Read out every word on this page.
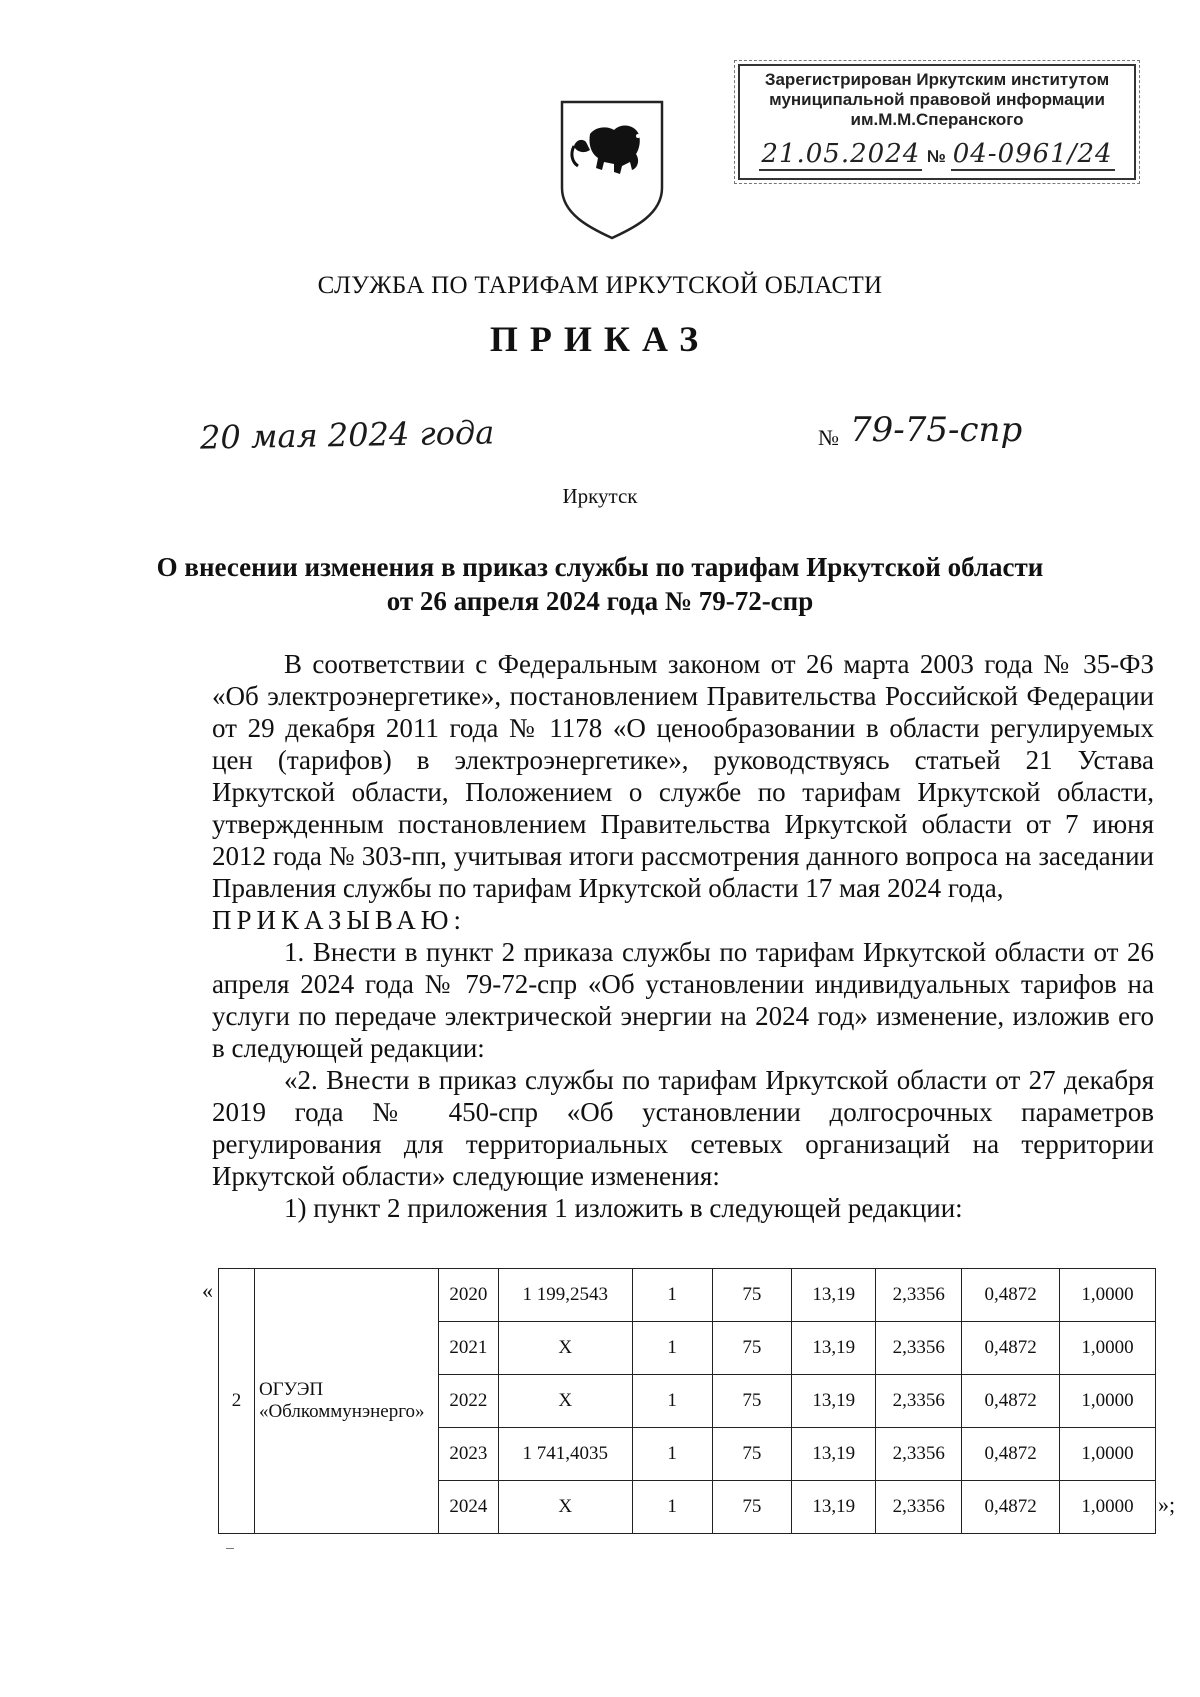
Зарегистрирован Иркутским институтом
муниципальной правовой информации
им.М.М.Сперанского
21.05.2024 № 04-0961/24
СЛУЖБА ПО ТАРИФАМ ИРКУТСКОЙ ОБЛАСТИ
ПРИКАЗ
20 мая 2024 года	№ 79-75-спр
Иркутск
О внесении изменения в приказ службы по тарифам Иркутской области
от 26 апреля 2024 года № 79-72-спр

В соответствии с Федеральным законом от 26 марта 2003 года № 35-ФЗ «Об электроэнергетике», постановлением Правительства Российской Федерации от 29 декабря 2011 года № 1178 «О ценообразовании в области регулируемых цен (тарифов) в электроэнергетике», руководствуясь статьей 21 Устава Иркутской области, Положением о службе по тарифам Иркутской области, утвержденным постановлением Правительства Иркутской области от 7 июня 2012 года № 303-пп, учитывая итоги рассмотрения данного вопроса на заседании Правления службы по тарифам Иркутской области 17 мая 2024 года,

ПРИКАЗЫВАЮ:

1. Внести в пункт 2 приказа службы по тарифам Иркутской области от 26 апреля 2024 года № 79-72-спр «Об установлении индивидуальных тарифов на услуги по передаче электрической энергии на 2024 год» изменение, изложив его в следующей редакции:

«2. Внести в приказ службы по тарифам Иркутской области от 27 декабря 2019 года № 450-спр «Об установлении долгосрочных параметров регулирования для территориальных сетевых организаций на территории Иркутской области» следующие изменения:

1) пункт 2 приложения 1 изложить в следующей редакции:

«
»;
2	ОГУЭП «Облкоммунэнерго»	2020	1 199,2543	1	75	13,19	2,3356	0,4872	1,0000
		2021	X	1	75	13,19	2,3356	0,4872	1,0000
		2022	X	1	75	13,19	2,3356	0,4872	1,0000
		2023	1 741,4035	1	75	13,19	2,3356	0,4872	1,0000
		2024	X	1	75	13,19	2,3356	0,4872	1,0000
